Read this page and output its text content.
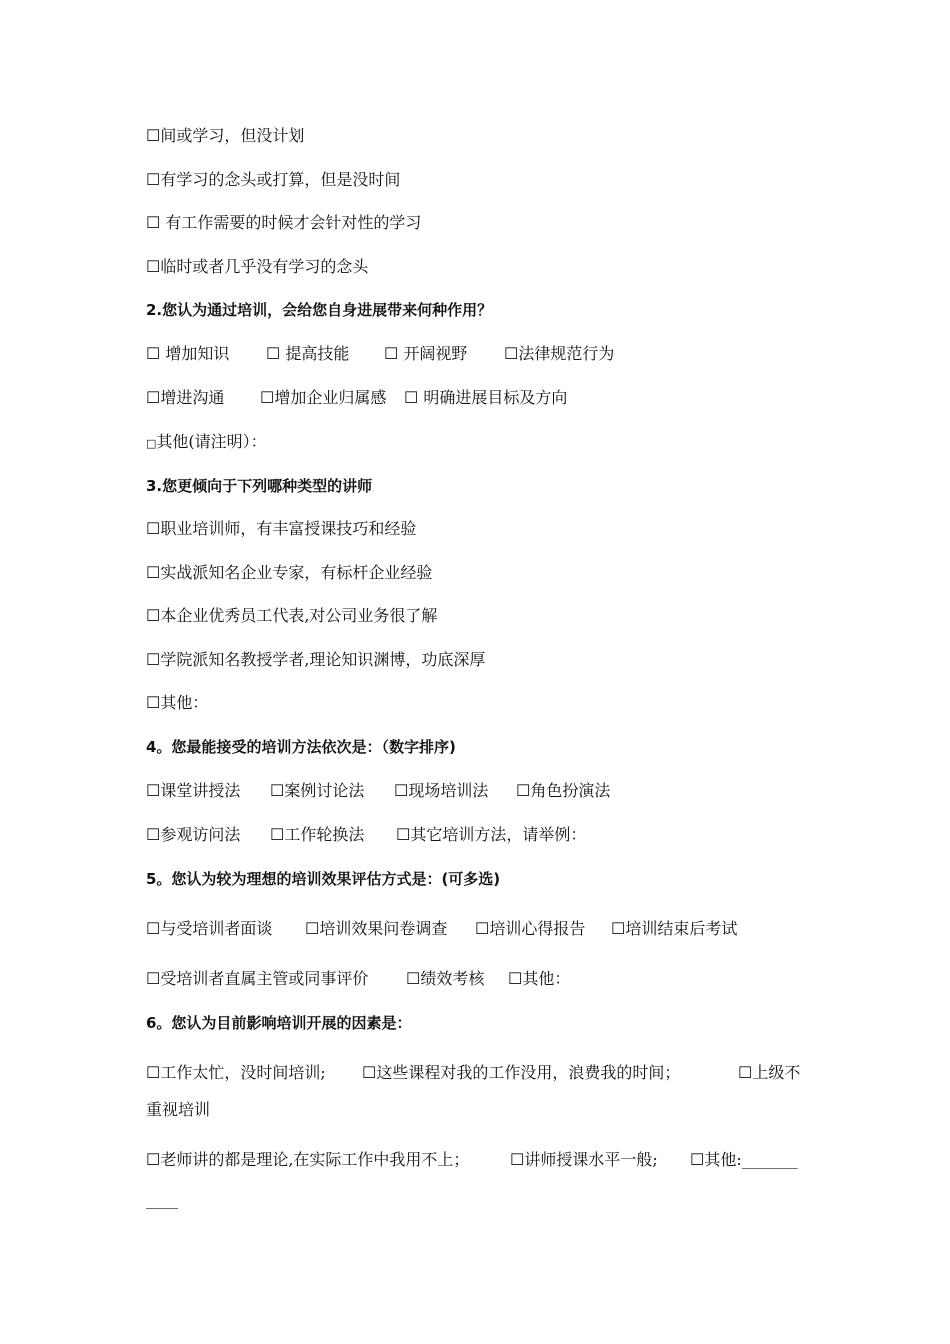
☐间或学习，但没计划
☐有学习的念头或打算，但是没时间
☐ 有工作需要的时候才会针对性的学习
☐临时或者几乎没有学习的念头
2.您认为通过培训，会给您自身进展带来何种作用？
☐ 增加知识 ☐ 提高技能 ☐ 开阔视野 ☐法律规范行为
☐增进沟通 ☐增加企业归属感 ☐ 明确进展目标及方向
□其他(请注明）：
3.您更倾向于下列哪种类型的讲师
☐职业培训师，有丰富授课技巧和经验
☐实战派知名企业专家，有标杆企业经验
☐本企业优秀员工代表,对公司业务很了解
☐学院派知名教授学者,理论知识渊博，功底深厚
☐其他：
4。您最能接受的培训方法依次是：（数字排序)
☐课堂讲授法 ☐案例讨论法 ☐现场培训法 ☐角色扮演法
☐参观访问法 ☐工作轮换法 ☐其它培训方法，请举例：
5。您认为较为理想的培训效果评估方式是：(可多选)
☐与受培训者面谈 ☐培训效果问卷调查 ☐培训心得报告 ☐培训结束后考试
☐受培训者直属主管或同事评价 ☐绩效考核 ☐其他：
6。您认为目前影响培训开展的因素是：
☐工作太忙，没时间培训; ☐这些课程对我的工作没用，浪费我的时间；	☐上级不
重视培训
☐老师讲的都是理论,在实际工作中我用不上；	☐讲师授课水平一般; ☐其他:_______
____
